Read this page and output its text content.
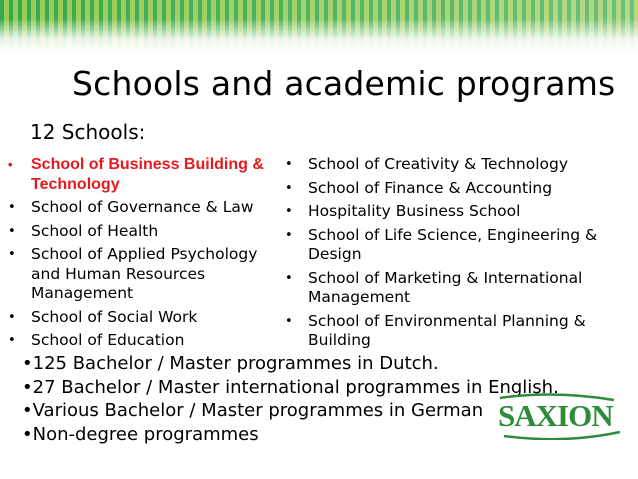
Schools and academic programs
12 Schools:
• School of Business Building & Technology
• School of Governance & Law
• School of Health
• School of Applied Psychology and Human Resources Management
• School of Social Work
• School of Education
• School of Creativity & Technology
• School of Finance & Accounting
• Hospitality Business School
• School of Life Science, Engineering & Design
• School of Marketing & International Management
• School of Environmental Planning & Building
•125 Bachelor / Master programmes in Dutch.
•27 Bachelor / Master international programmes in English.
•Various Bachelor / Master programmes in German
•Non-degree programmes
SAXION
